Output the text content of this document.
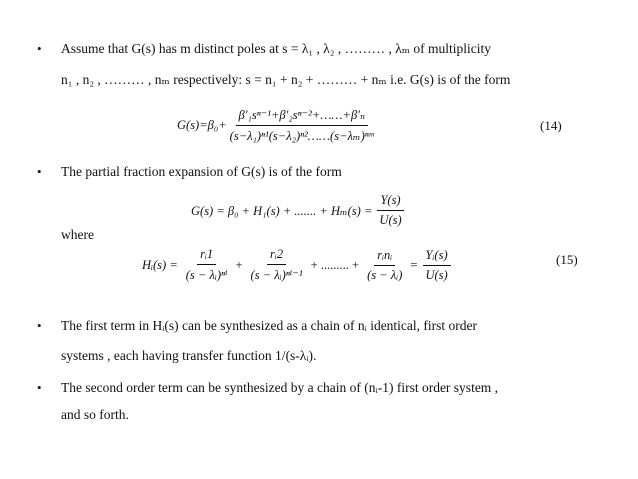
• Assume that G(s) has m distinct poles at s = λ₁ , λ₂ , ……… , λₘ of multiplicity
n₁ , n₂ , ……… , nₘ respectively: s = n₁ + n₂ + ……… + nₘ i.e. G(s) is of the form
$G(s)=\beta_0+ \frac{\text{β′₁sⁿ⁻¹+β′₂sⁿ⁻²+……+β′ₙ}}{\text{(s−λ₁)ⁿ¹(s−λ₂)ⁿ²……(s−λₘ)ⁿᵐ}}$	(14)
• The partial fraction expansion of G(s) is of the form
G(s) = β₀ + H₁(s) + ....... + $H_m(s) = \frac{Y(s)}{U(s)}$
where
Hᵢ(s) = $\frac{\text{rᵢ1}}{\text{(s − λᵢ)ⁿⁱ}} + \frac{\text{rᵢ2}}{\text{(s − λᵢ)ⁿⁱ⁻¹}}$ + ......... + $\frac{\text{rᵢnᵢ}}{\text{(s − λᵢ)}} = \frac{\text{Yᵢ(s)}}{U(s)}$	(15)
• The first term in Hᵢ(s) can be synthesized as a chain of nᵢ identical, first order
systems , each having transfer function 1/(s-λᵢ).
• The second order term can be synthesized by a chain of (nᵢ-1) first order system ,
and so forth.
